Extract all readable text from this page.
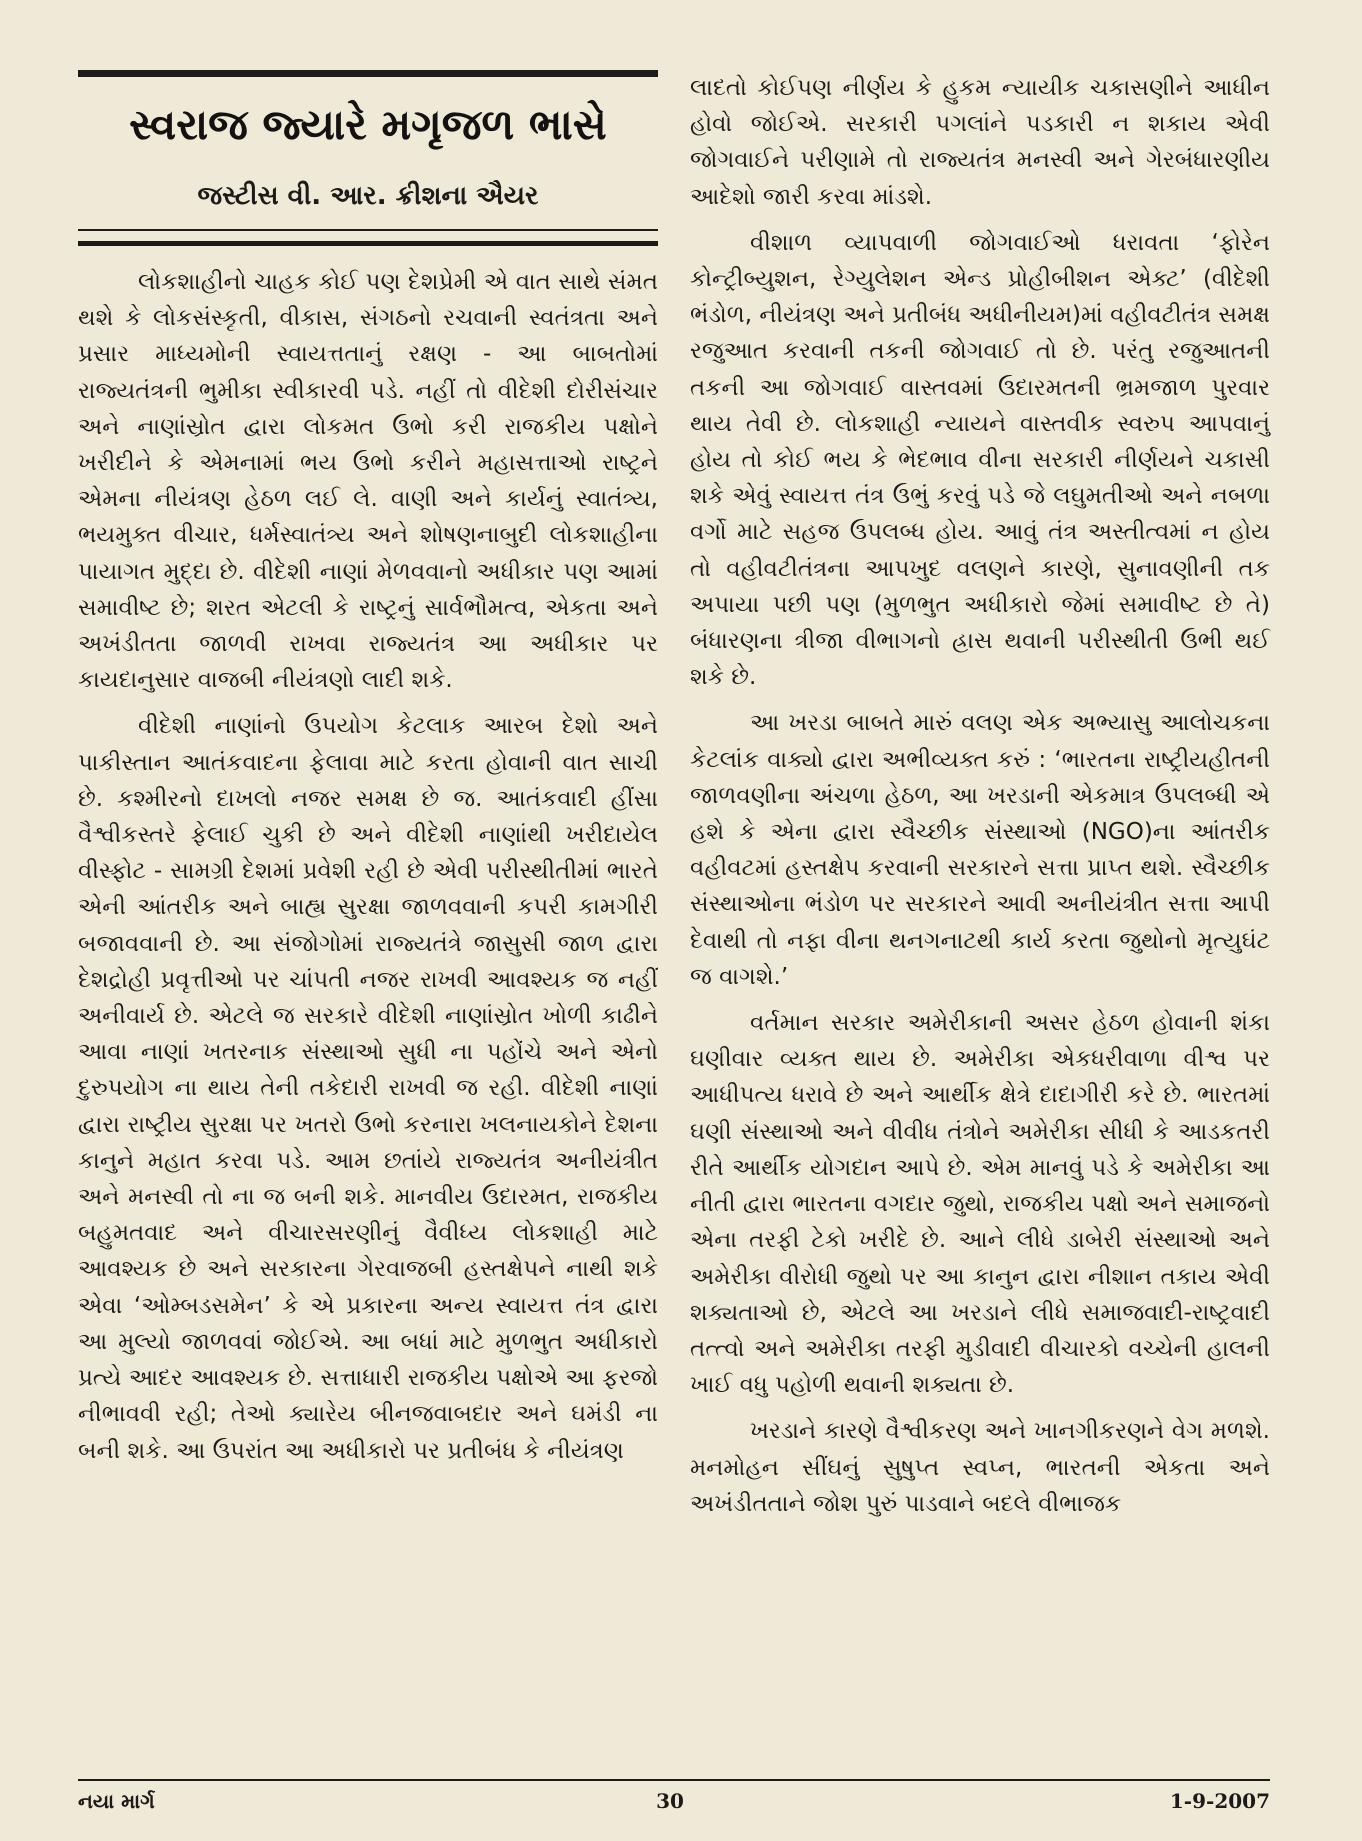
સ્વરાજ જ્યારે મગૃજળ ભાસે
જસ્ટીસ વી. આર. ક્રીશના ઐયર

લોકશાહીનો ચાહક કોઈ પણ દેશપ્રેમી એ વાત સાથે સંમત થશે કે લોકસંસ્કૃતી, વીકાસ, સંગઠનો રચવાની સ્વતંત્રતા અને પ્રસાર માધ્યમોની સ્વાયત્તતાનું રક્ષણ - આ બાબતોમાં રાજ્યતંત્રની ભુમીકા સ્વીકારવી પડે. નહીં તો વીદેશી દોરીસંચાર અને નાણાંસ્રોત દ્વારા લોકમત ઉભો કરી રાજકીય પક્ષોને ખરીદીને કે એમનામાં ભય ઉભો કરીને મહાસત્તાઓ રાષ્ટ્રને એમના નીયંત્રણ હેઠળ લઈ લે. વાણી અને કાર્યનું સ્વાતંત્ર્ય, ભયમુક્ત વીચાર, ધર્મસ્વાતંત્ર્ય અને શોષણનાબુદી લોકશાહીના પાયાગત મુદ્દા છે. વીદેશી નાણાં મેળવવાનો અધીકાર પણ આમાં સમાવીષ્ટ છે; શરત એટલી કે રાષ્ટ્રનું સાર્વભૌમત્વ, એકતા અને અખંડીતતા જાળવી રાખવા રાજ્યતંત્ર આ અધીકાર પર કાયદાનુસાર વાજબી નીયંત્રણો લાદી શકે.

વીદેશી નાણાંનો ઉપયોગ કેટલાક આરબ દેશો અને પાકીસ્તાન આતંકવાદના ફેલાવા માટે કરતા હોવાની વાત સાચી છે. કશ્મીરનો દાખલો નજર સમક્ષ છે જ. આતંકવાદી હીંસા વૈશ્વીકસ્તરે ફેલાઈ ચુકી છે અને વીદેશી નાણાંથી ખરીદાયેલ વીસ્ફોટ - સામગ્રી દેશમાં પ્રવેશી રહી છે એવી પરીસ્થીતીમાં ભારતે એની આંતરીક અને બાહ્ય સુરક્ષા જાળવવાની કપરી કામગીરી બજાવવાની છે. આ સંજોગોમાં રાજ્યતંત્રે જાસુસી જાળ દ્વારા દેશદ્રોહી પ્રવૃત્તીઓ પર ચાંપતી નજર રાખવી આવશ્યક જ નહીં અનીવાર્ય છે. એટલે જ સરકારે વીદેશી નાણાંસ્રોત ખોળી કાઢીને આવા નાણાં ખતરનાક સંસ્થાઓ સુધી ના પહોંચે અને એનો દુરુપયોગ ના થાય તેની તકેદારી રાખવી જ રહી. વીદેશી નાણાં દ્વારા રાષ્ટ્રીય સુરક્ષા પર ખતરો ઉભો કરનારા ખલનાયકોને દેશના કાનુને મહાત કરવા પડે. આમ છતાંયે રાજ્યતંત્ર અનીયંત્રીત અને મનસ્વી તો ના જ બની શકે. માનવીય ઉદારમત, રાજકીય બહુમતવાદ અને વીચારસરણીનું વૈવીધ્ય લોકશાહી માટે આવશ્યક છે અને સરકારના ગેરવાજબી હસ્તક્ષેપને નાથી શકે એવા ‘ઓમ્બડસમેન’ કે એ પ્રકારના અન્ય સ્વાયત્ત તંત્ર દ્વારા આ મુલ્યો જાળવવાં જોઈએ. આ બધાં માટે મુળભુત અધીકારો પ્રત્યે આદર આવશ્યક છે. સત્તાધારી રાજકીય પક્ષોએ આ ફરજો નીભાવવી રહી; તેઓ ક્યારેય બીનજવાબદાર અને ઘમંડી ના બની શકે. આ ઉપરાંત આ અધીકારો પર પ્રતીબંધ કે નીયંત્રણ

લાદતો કોઈપણ નીર્ણય કે હુકમ ન્યાયીક ચકાસણીને આધીન હોવો જોઈએ. સરકારી પગલાંને પડકારી ન શકાય એવી જોગવાઈને પરીણામે તો રાજ્યતંત્ર મનસ્વી અને ગેરબંધારણીય આદેશો જારી કરવા માંડશે.

વીશાળ વ્યાપવાળી જોગવાઈઓ ધરાવતા ‘ફોરેન કોન્ટ્રીબ્યુશન, રેગ્યુલેશન એન્ડ પ્રોહીબીશન એક્ટ’ (વીદેશી ભંડોળ, નીયંત્રણ અને પ્રતીબંધ અધીનીયમ)માં વહીવટીતંત્ર સમક્ષ રજુઆત કરવાની તકની જોગવાઈ તો છે. પરંતુ રજુઆતની તકની આ જોગવાઈ વાસ્તવમાં ઉદારમતની ભ્રમજાળ પુરવાર થાય તેવી છે. લોકશાહી ન્યાયને વાસ્તવીક સ્વરુપ આપવાનું હોય તો કોઈ ભય કે ભેદભાવ વીના સરકારી નીર્ણયને ચકાસી શકે એવું સ્વાયત્ત તંત્ર ઉભું કરવું પડે જે લઘુમતીઓ અને નબળા વર્ગો માટે સહજ ઉપલબ્ધ હોય. આવું તંત્ર અસ્તીત્વમાં ન હોય તો વહીવટીતંત્રના આપખુદ વલણને કારણે, સુનાવણીની તક અપાયા પછી પણ (મુળભુત અધીકારો જેમાં સમાવીષ્ટ છે તે) બંધારણના ત્રીજા વીભાગનો હ્રાસ થવાની પરીસ્થીતી ઉભી થઈ શકે છે.

આ ખરડા બાબતે મારું વલણ એક અભ્યાસુ આલોચકના કેટલાંક વાક્યો દ્વારા અભીવ્યક્ત કરું : ‘ભારતના રાષ્ટ્રીયહીતની જાળવણીના અંચળા હેઠળ, આ ખરડાની એકમાત્ર ઉપલબ્ધી એ હશે કે એના દ્વારા સ્વૈચ્છીક સંસ્થાઓ (NGO)ના આંતરીક વહીવટમાં હસ્તક્ષેપ કરવાની સરકારને સત્તા પ્રાપ્ત થશે. સ્વૈચ્છીક સંસ્થાઓના ભંડોળ પર સરકારને આવી અનીયંત્રીત સત્તા આપી દેવાથી તો નફા વીના થનગનાટથી કાર્ય કરતા જુથોનો મૃત્યુઘંટ જ વાગશે.’

વર્તમાન સરકાર અમેરીકાની અસર હેઠળ હોવાની શંકા ઘણીવાર વ્યક્ત થાય છે. અમેરીકા એકધરીવાળા વીશ્વ પર આધીપત્ય ધરાવે છે અને આર્થીક ક્ષેત્રે દાદાગીરી કરે છે. ભારતમાં ઘણી સંસ્થાઓ અને વીવીધ તંત્રોને અમેરીકા સીધી કે આડકતરી રીતે આર્થીક યોગદાન આપે છે. એમ માનવું પડે કે અમેરીકા આ નીતી દ્વારા ભારતના વગદાર જુથો, રાજકીય પક્ષો અને સમાજનો એના તરફી ટેકો ખરીદે છે. આને લીધે ડાબેરી સંસ્થાઓ અને અમેરીકા વીરોધી જુથો પર આ કાનુન દ્વારા નીશાન તકાય એવી શક્યતાઓ છે, એટલે આ ખરડાને લીધે સમાજવાદી-રાષ્ટ્રવાદી તત્ત્વો અને અમેરીકા તરફી મુડીવાદી વીચારકો વચ્ચેની હાલની ખાઈ વધુ પહોળી થવાની શક્યતા છે.

ખરડાને કારણે વૈશ્વીકરણ અને ખાનગીકરણને વેગ મળશે. મનમોહન સીંઘનું સુષુપ્ત સ્વપ્ન, ભારતની એકતા અને અખંડીતતાને જોશ પુરું પાડવાને બદલે વીભાજક

નયા માર્ગ	30	1-9-2007
